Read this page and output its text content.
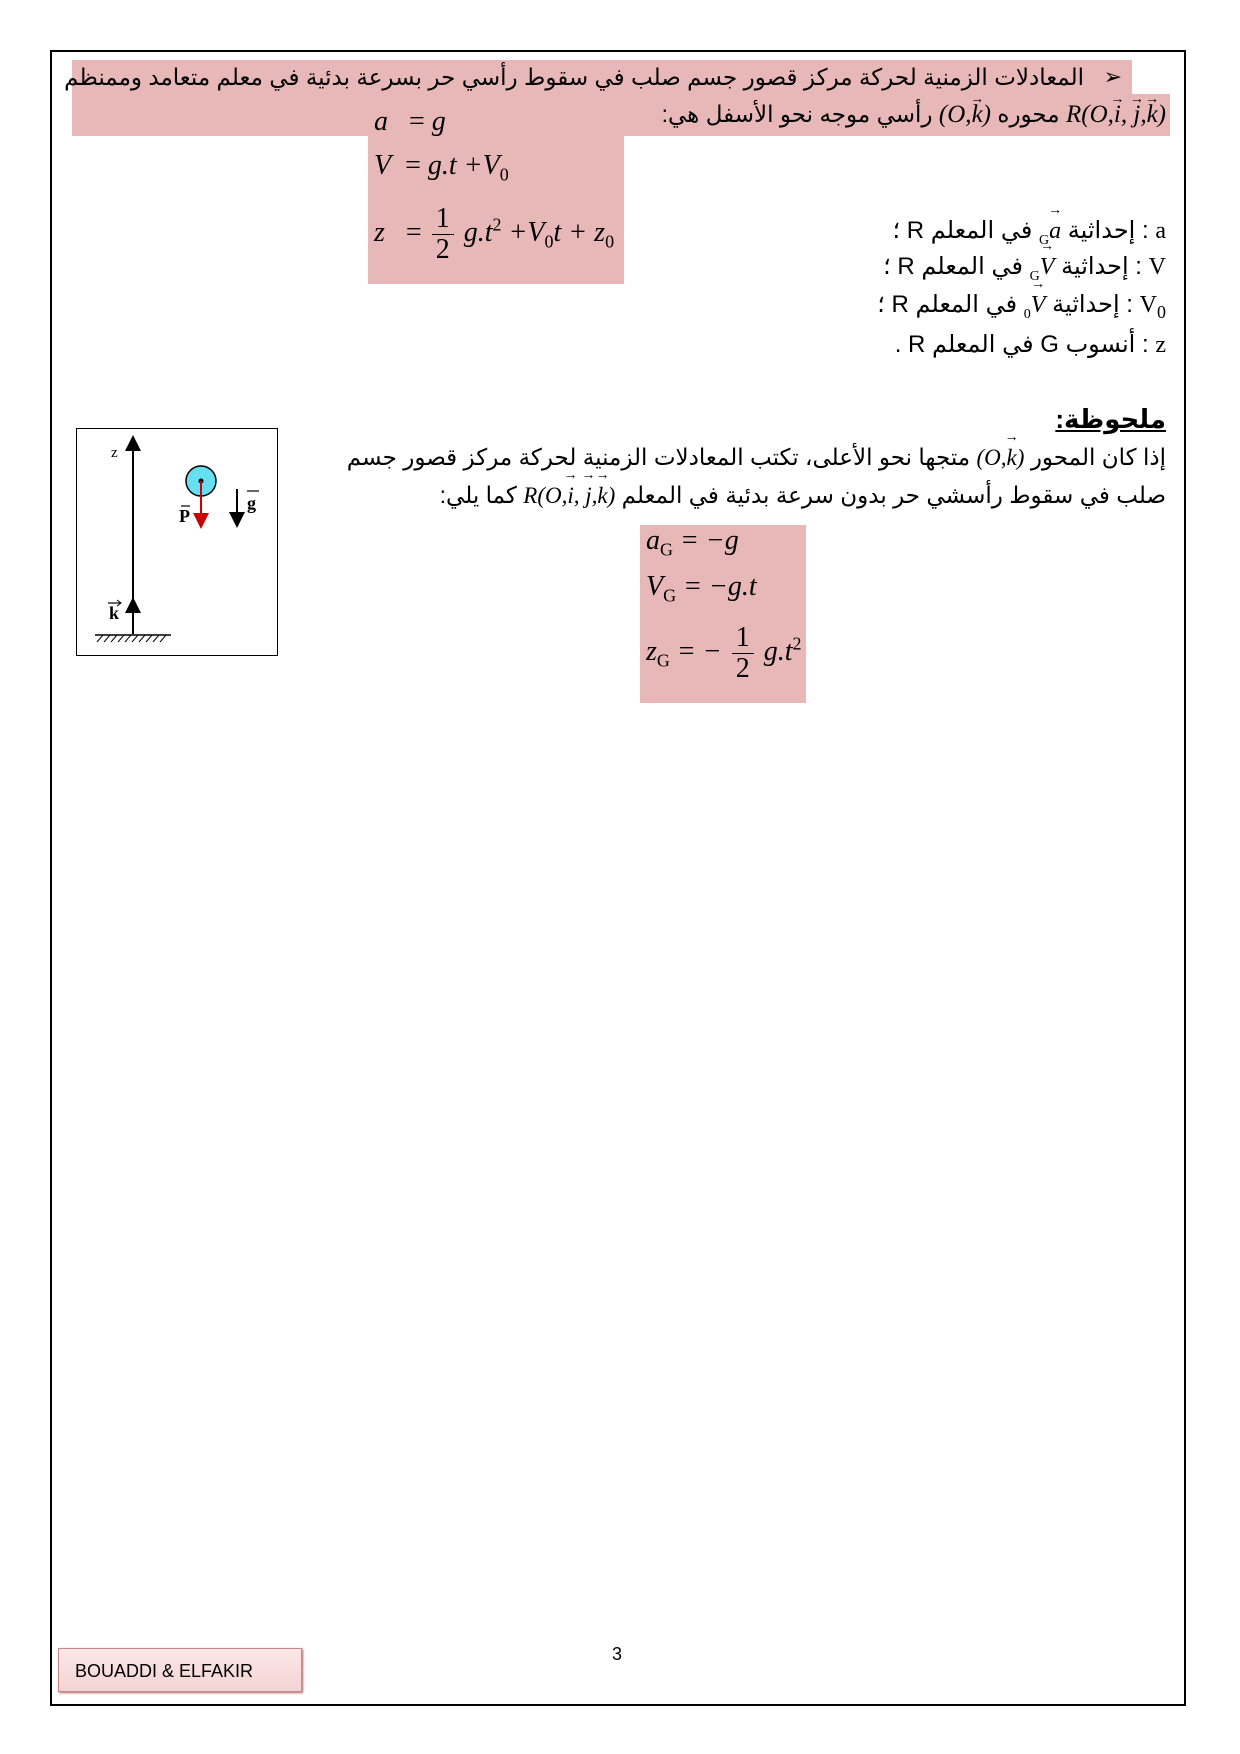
➢
المعادلات الزمنية لحركة مركز قصور جسم صلب في سقوط رأسي حر بسرعة بدئية في معلم متعامد وممنظم
R(O,→ i, → j,→ k) محوره (O,→ k) رأسي موجه نحو الأسفل هي:
a = g
$V = g.t +V_0$
$z = \frac{1}{2} g.t^2 +V_0t + z_0$	a : إحداثية → $a_G$ في المعلم R ؛
V : إحداثية → $V_G$ في المعلم R ؛
$V_0$ : إحداثية → $V_0$ في المعلم R ؛
z : أنسوب G في المعلم R .
ملحوظة:
إذا كان المحور (O,→ k) متجها نحو الأعلى، تكتب المعادلات الزمنية لحركة مركز قصور جسم
صلب في سقوط رأسشي حر بدون سرعة بدئية في المعلم R(O,→ i, → j,→ k) كما يلي:
z
k
P
g
$a_G = -g$
$V_G = -g.t$
$z_G$ = − $\frac{1}{2} g.t^2$
3
BOUADDI & ELFAKIR
